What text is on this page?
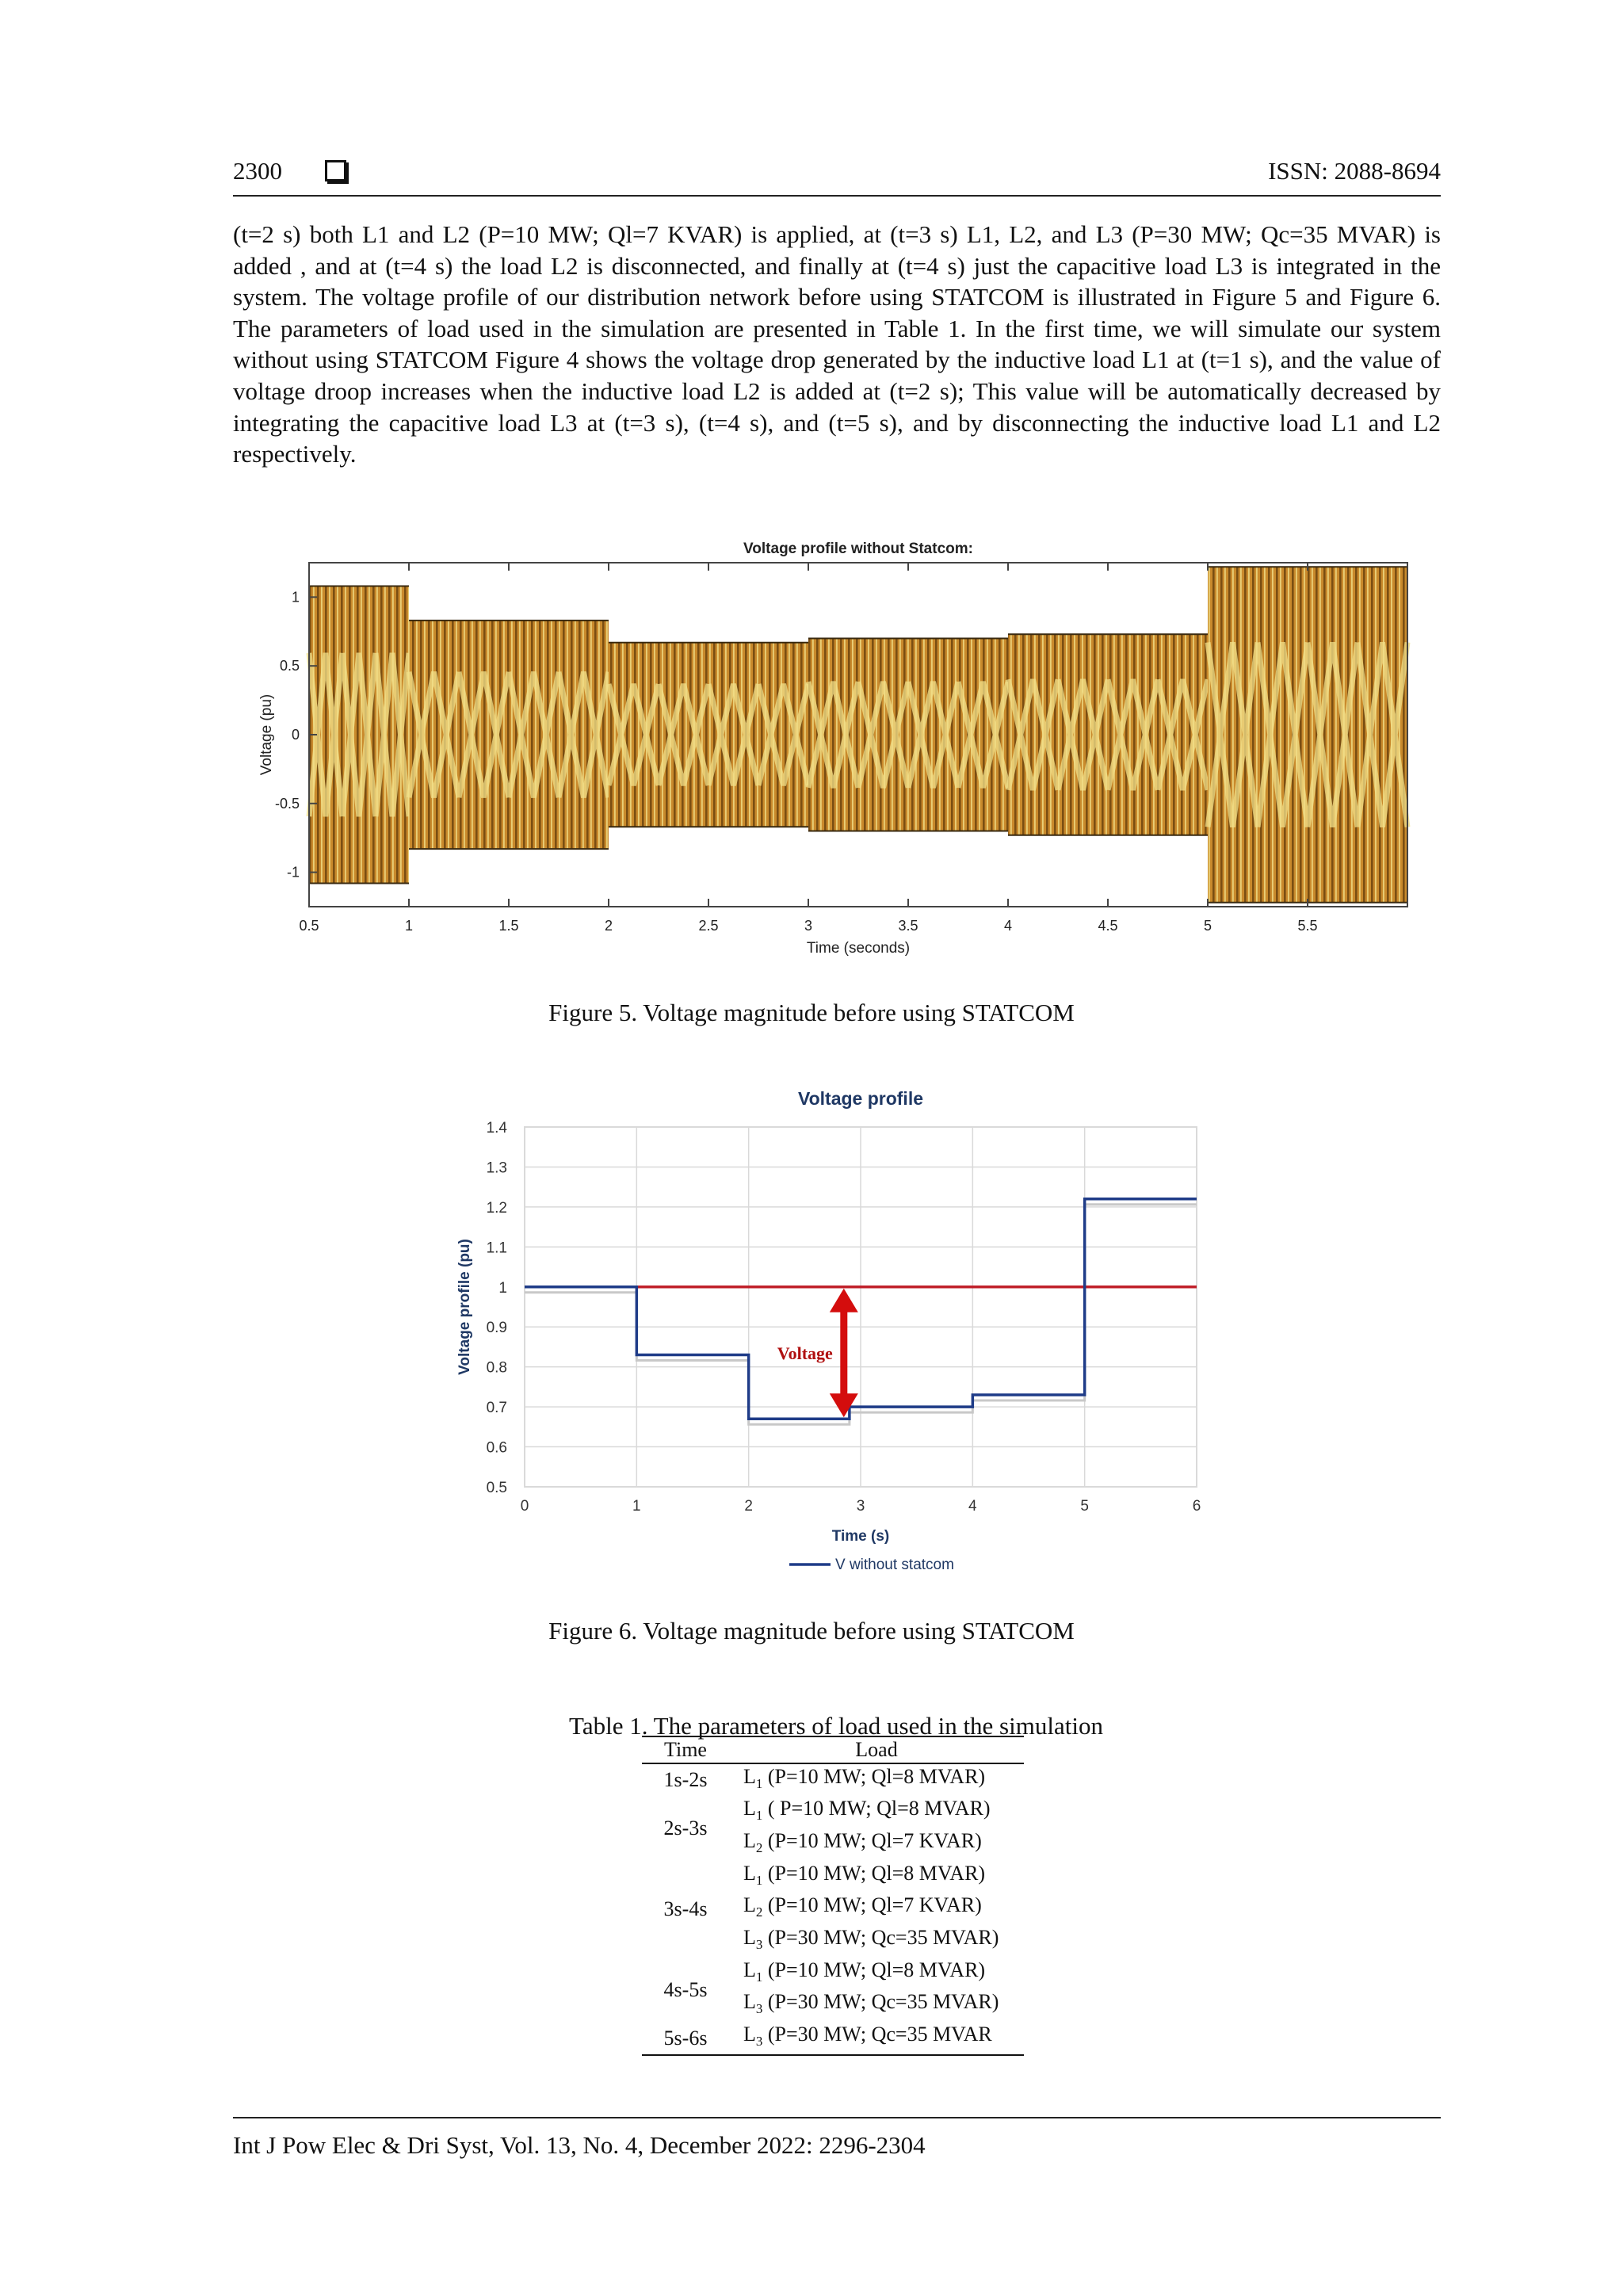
2300	ISSN: 2088-8694

(t=2 s) both L1 and L2 (P=10 MW; Ql=7 KVAR) is applied, at (t=3 s) L1, L2, and L3 (P=30 MW; Qc=35 MVAR) is added , and at (t=4 s) the load L2 is disconnected, and finally at (t=4 s) just the capacitive load L3 is integrated in the system. The voltage profile of our distribution network before using STATCOM is illustrated in Figure 5 and Figure 6. The parameters of load used in the simulation are presented in Table 1. In the first time, we will simulate our system without using STATCOM Figure 4 shows the voltage drop generated by the inductive load L1 at (t=1 s), and the value of voltage droop increases when the inductive load L2 is added at (t=2 s); This value will be automatically decreased by integrating the capacitive load L3 at (t=3 s), (t=4 s), and (t=5 s), and by disconnecting the inductive load L1 and L2 respectively.

0.5	1	1.5	2	2.5	3	3.5	4	4.5	5	5.5
1
0.5
0
-0.5
-1
Voltage profile without Statcom:
Time (seconds)
Voltage (pu)
Figure 5. Voltage magnitude before using STATCOM
0.5
0.6
0.7
0.8
0.9
1
1.1
1.2
1.3
1.4
0	1	2	3	4	5	6
Voltage
Voltage profile
Time (s)
Voltage profile (pu)
V without statcom
Figure 6. Voltage magnitude before using STATCOM
Table 1. The parameters of load used in the simulation
Time	Load
1s-2s	$L_1$ (P=10 MW; Ql=8 MVAR)
2s-3s	$L_1$ ( P=10 MW; Ql=8 MVAR)
	$L_2$ (P=10 MW; Ql=7 KVAR)
3s-4s	$L_1$ (P=10 MW; Ql=8 MVAR)
	$L_2$ (P=10 MW; Ql=7 KVAR)
	$L_3$ (P=30 MW; Qc=35 MVAR)
4s-5s	$L_1$ (P=10 MW; Ql=8 MVAR)
	$L_3$ (P=30 MW; Qc=35 MVAR)
5s-6s	$L_3$ (P=30 MW; Qc=35 MVAR
Int J Pow Elec & Dri Syst, Vol. 13, No. 4, December 2022: 2296-2304
